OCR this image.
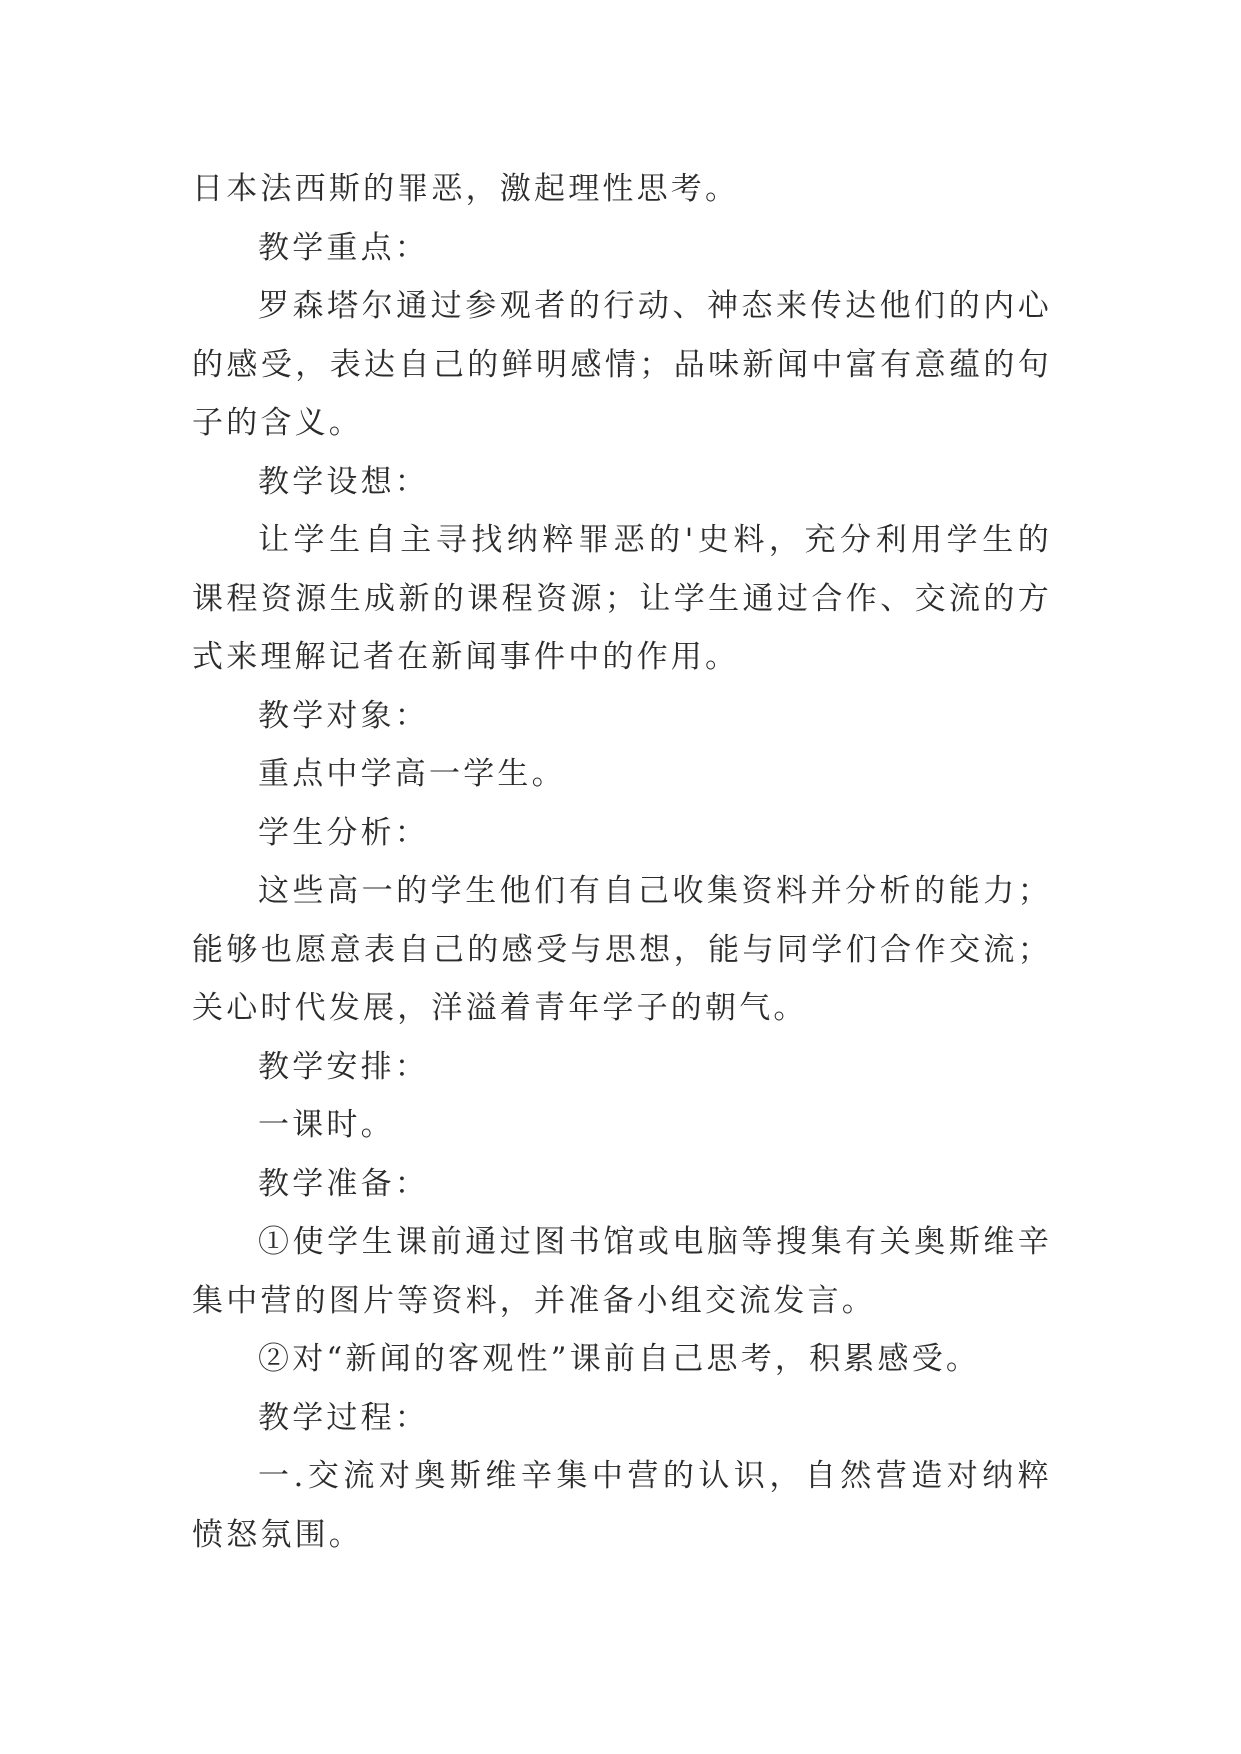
日本法西斯的罪恶，激起理性思考。

教学重点：

罗森塔尔通过参观者的行动、神态来传达他们的内心的感受，表达自己的鲜明感情；品味新闻中富有意蕴的句子的含义。

教学设想：

让学生自主寻找纳粹罪恶的'史料，充分利用学生的课程资源生成新的课程资源；让学生通过合作、交流的方式来理解记者在新闻事件中的作用。

教学对象：

重点中学高一学生。

学生分析：

这些高一的学生他们有自己收集资料并分析的能力；能够也愿意表自己的感受与思想，能与同学们合作交流；关心时代发展，洋溢着青年学子的朝气。

教学安排：

一课时。

教学准备：

①使学生课前通过图书馆或电脑等搜集有关奥斯维辛集中营的图片等资料，并准备小组交流发言。

②对“新闻的客观性”课前自己思考，积累感受。

教学过程：

一.交流对奥斯维辛集中营的认识，自然营造对纳粹愤怒氛围。
